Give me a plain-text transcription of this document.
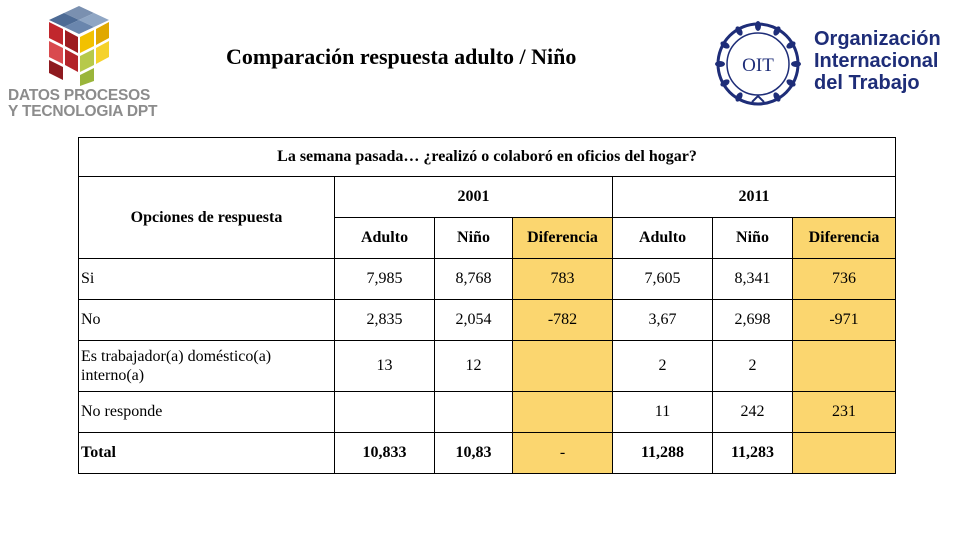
DATOS PROCESOS
Y TECNOLOGIA DPT
Comparación respuesta adulto / Niño	OIT
Organización
Internacional
del Trabajo
La semana pasada… ¿realizó o colaboró en oficios del hogar?						
Opciones de respuesta	2001			2011		
	Adulto	Niño	Diferencia	Adulto	Niño	Diferencia
Si	7,985	8,768	783	7,605	8,341	736
No	2,835	2,054	-782	3,67	2,698	-971
Es trabajador(a) doméstico(a) interno(a)	13	12		2	2	
No responde				11	242	231
Total	10,833	10,83	-	11,288	11,283	
